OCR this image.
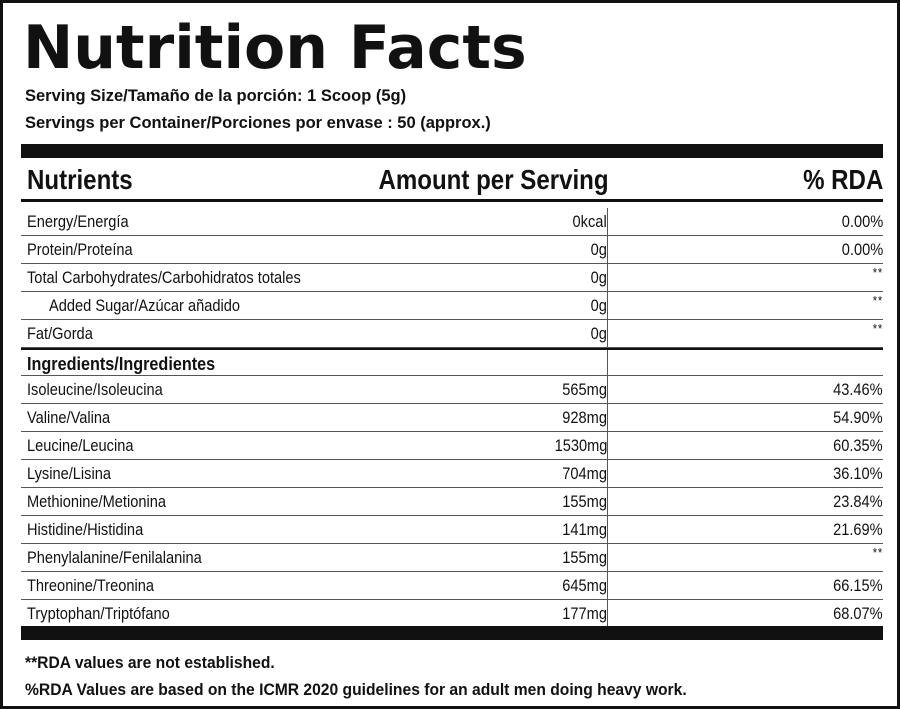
Nutrition Facts
Serving Size/Tamaño de la porción: 1 Scoop (5g)
Servings per Container/Porciones por envase : 50 (approx.)
Nutrients	Amount per Serving	% RDA
Energy/Energía	0kcal	0.00%
Protein/Proteína	0g	0.00%
Total Carbohydrates/Carbohidratos totales	0g	**
Added Sugar/Azúcar añadido	0g	**
Fat/Gorda	0g	**
Ingredients/Ingredientes
Isoleucine/Isoleucina	565mg	43.46%
Valine/Valina	928mg	54.90%
Leucine/Leucina	1530mg	60.35%
Lysine/Lisina	704mg	36.10%
Methionine/Metionina	155mg	23.84%
Histidine/Histidina	141mg	21.69%
Phenylalanine/Fenilalanina	155mg	**
Threonine/Treonina	645mg	66.15%
Tryptophan/Triptófano	177mg	68.07%
**RDA values are not established.
%RDA Values are based on the ICMR 2020 guidelines for an adult men doing heavy work.
